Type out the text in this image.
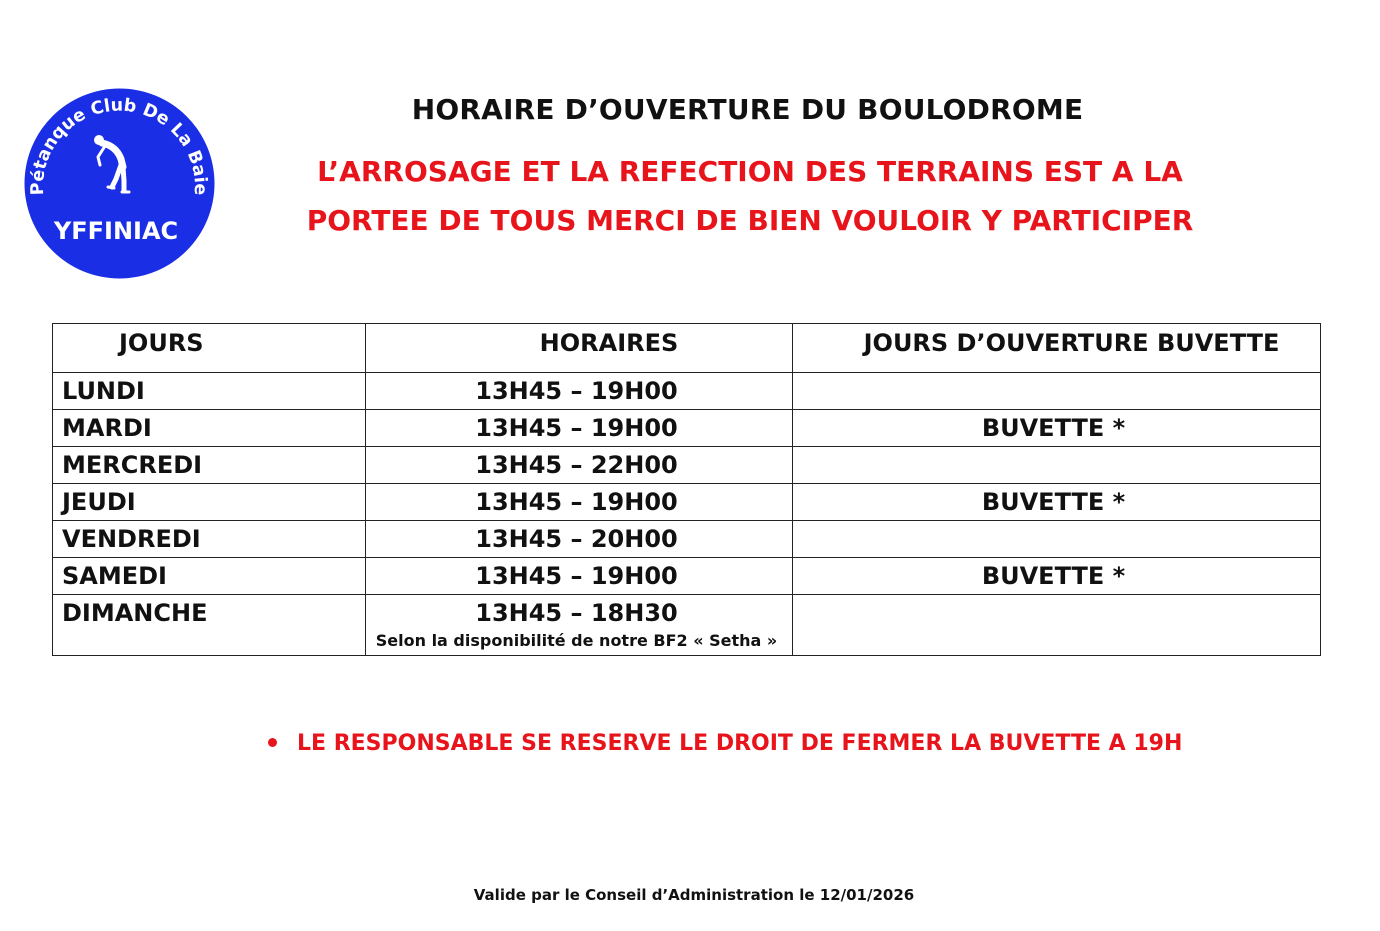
Pétanque Club De La Baie
YFFINIAC
HORAIRE D’OUVERTURE DU BOULODROME
L’ARROSAGE ET LA REFECTION DES TERRAINS EST A LA
PORTEE DE TOUS MERCI DE BIEN VOULOIR Y PARTICIPER
JOURS	HORAIRES	JOURS D’OUVERTURE BUVETTE
LUNDI	13H45 – 19H00	
MARDI	13H45 – 19H00	BUVETTE *
MERCREDI	13H45 – 22H00	
JEUDI	13H45 – 19H00	BUVETTE *
VENDREDI	13H45 – 20H00	
SAMEDI	13H45 – 19H00	BUVETTE *
DIMANCHE	13H45 – 18H30
Selon la disponibilité de notre BF2 « Setha »	

LE RESPONSABLE SE RESERVE LE DROIT DE FERMER LA BUVETTE A 19H
Valide par le Conseil d’Administration le 12/01/2026
